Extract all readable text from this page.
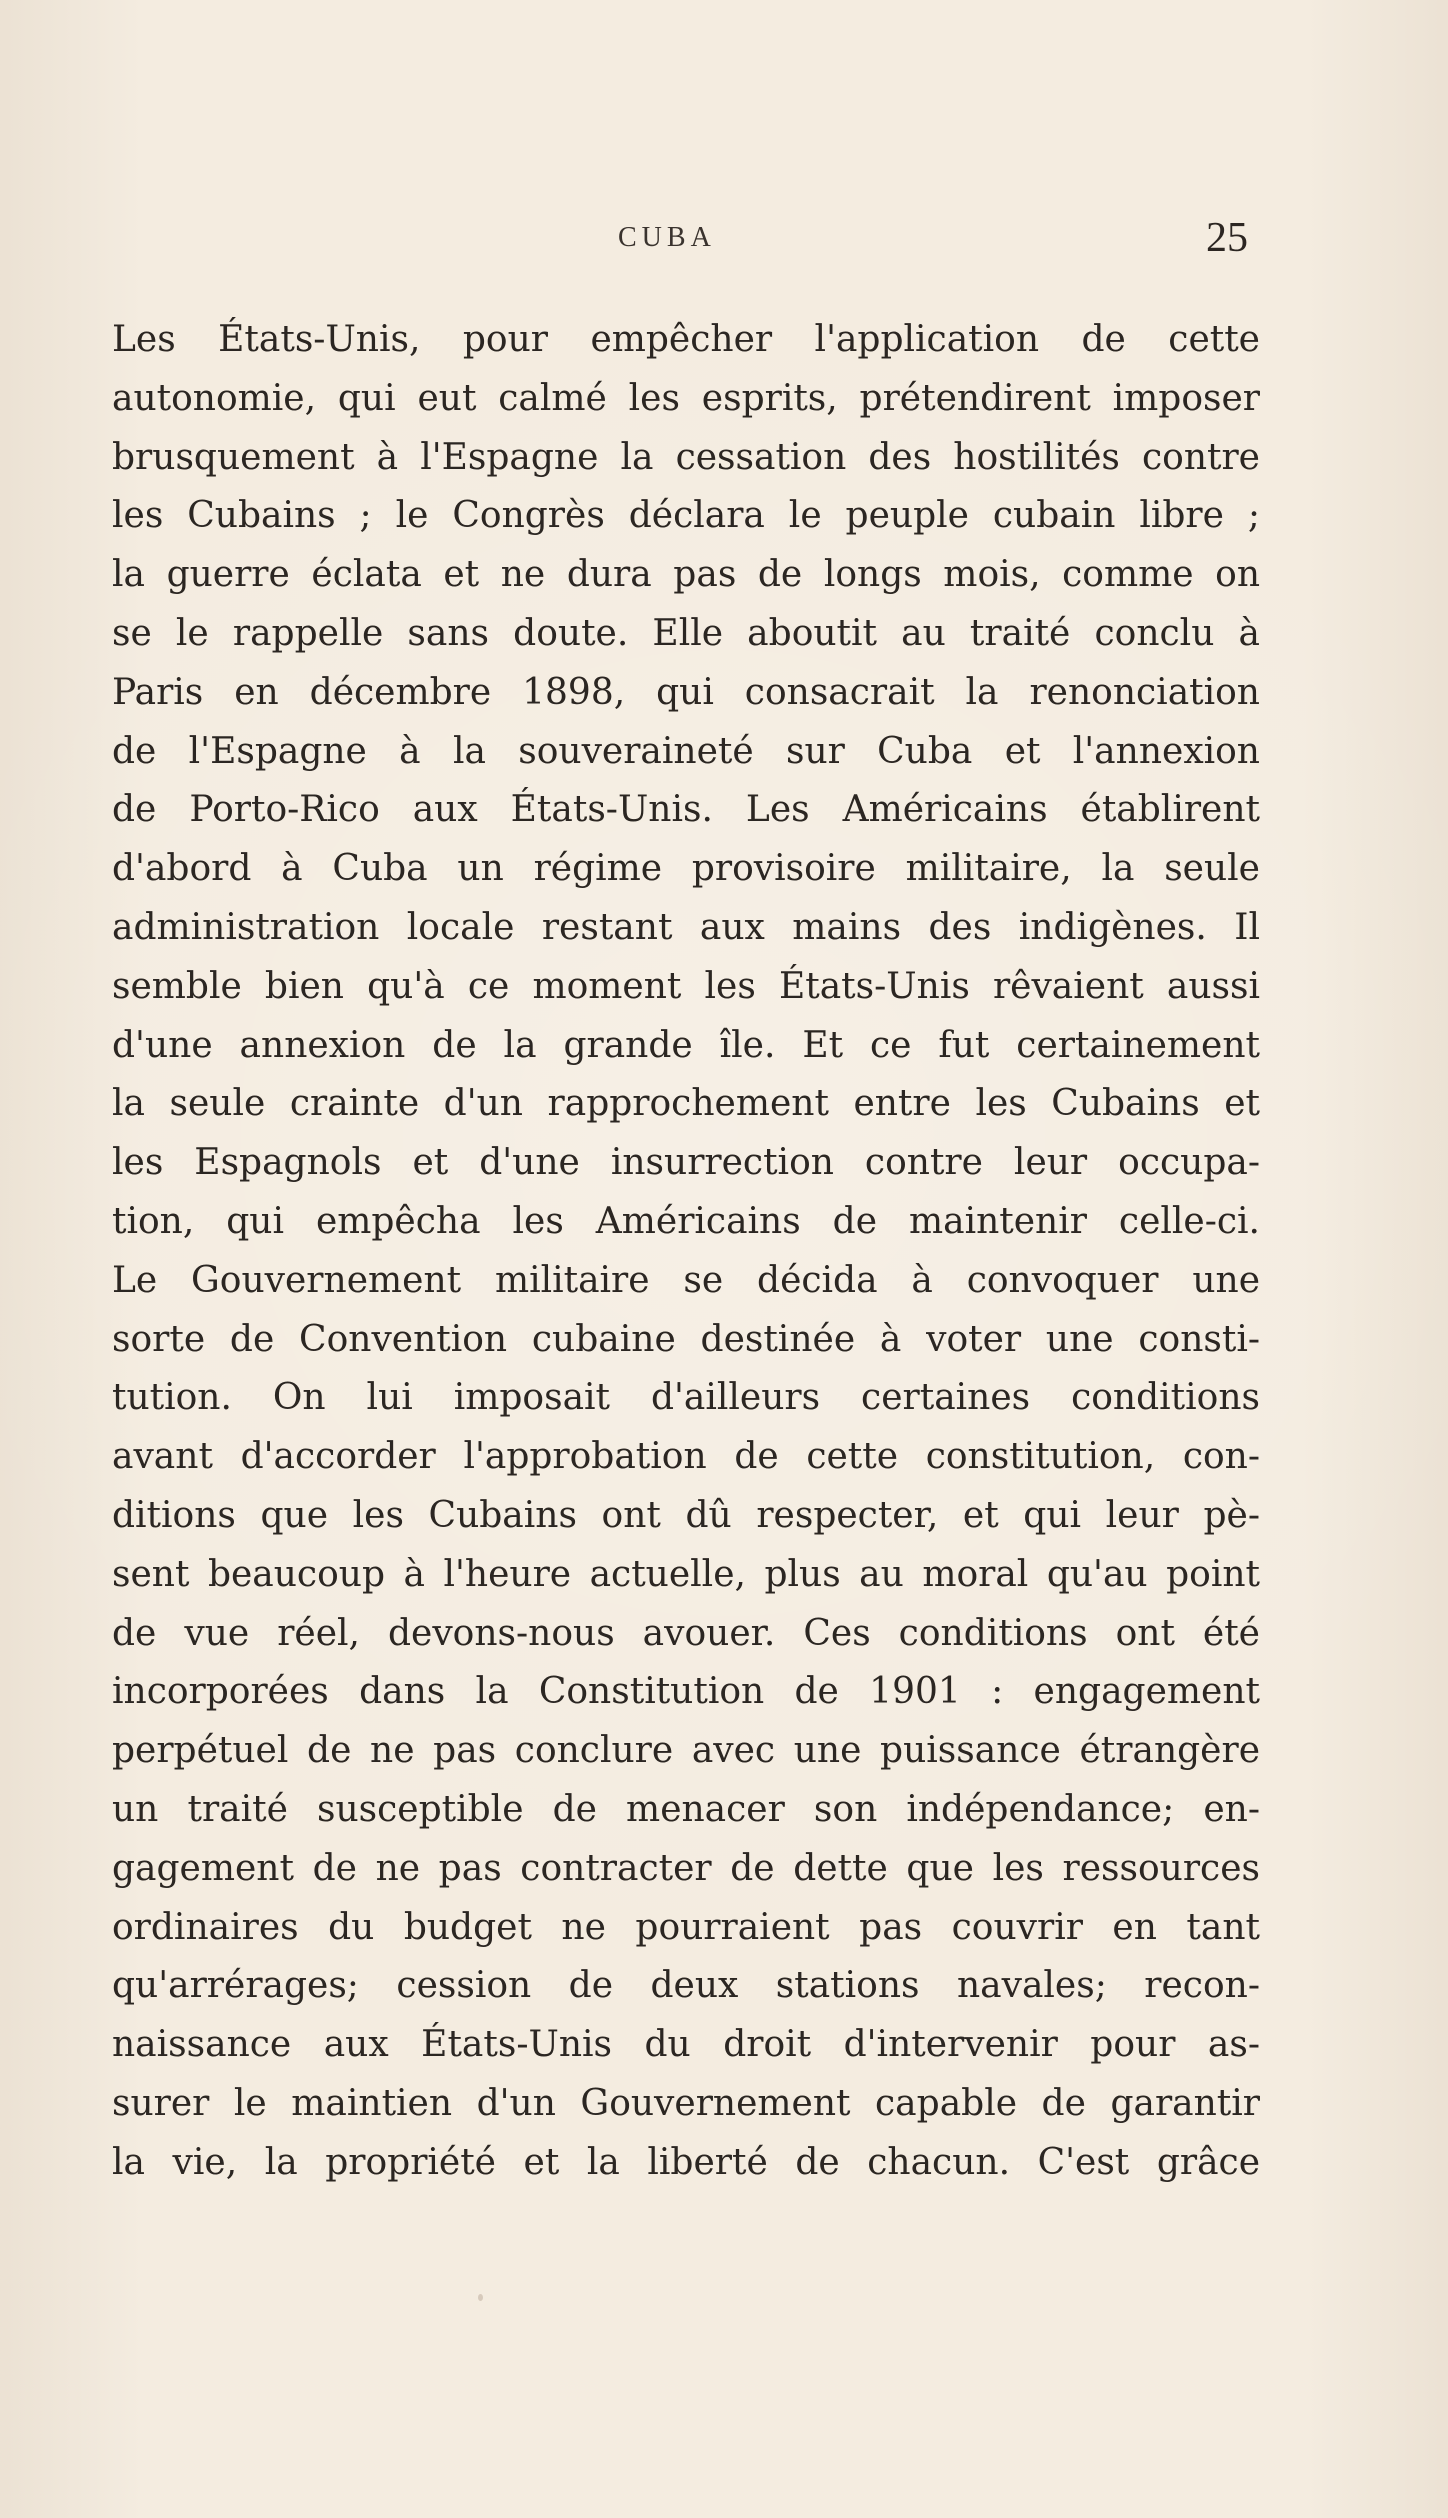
CUBA	25
Les États-Unis, pour empêcher l'application de cette
autonomie, qui eut calmé les esprits, prétendirent imposer
brusquement à l'Espagne la cessation des hostilités contre
les Cubains ; le Congrès déclara le peuple cubain libre ;
la guerre éclata et ne dura pas de longs mois, comme on
se le rappelle sans doute. Elle aboutit au traité conclu à
Paris en décembre 1898, qui consacrait la renonciation
de l'Espagne à la souveraineté sur Cuba et l'annexion
de Porto-Rico aux États-Unis. Les Américains établirent
d'abord à Cuba un régime provisoire militaire, la seule
administration locale restant aux mains des indigènes. Il
semble bien qu'à ce moment les États-Unis rêvaient aussi
d'une annexion de la grande île. Et ce fut certainement
la seule crainte d'un rapprochement entre les Cubains et
les Espagnols et d'une insurrection contre leur occupa-
tion, qui empêcha les Américains de maintenir celle-ci.
Le Gouvernement militaire se décida à convoquer une
sorte de Convention cubaine destinée à voter une consti-
tution. On lui imposait d'ailleurs certaines conditions
avant d'accorder l'approbation de cette constitution, con-
ditions que les Cubains ont dû respecter, et qui leur pè-
sent beaucoup à l'heure actuelle, plus au moral qu'au point
de vue réel, devons-nous avouer. Ces conditions ont été
incorporées dans la Constitution de 1901 : engagement
perpétuel de ne pas conclure avec une puissance étrangère
un traité susceptible de menacer son indépendance; en-
gagement de ne pas contracter de dette que les ressources
ordinaires du budget ne pourraient pas couvrir en tant
qu'arrérages; cession de deux stations navales; recon-
naissance aux États-Unis du droit d'intervenir pour as-
surer le maintien d'un Gouvernement capable de garantir
la vie, la propriété et la liberté de chacun. C'est grâce
